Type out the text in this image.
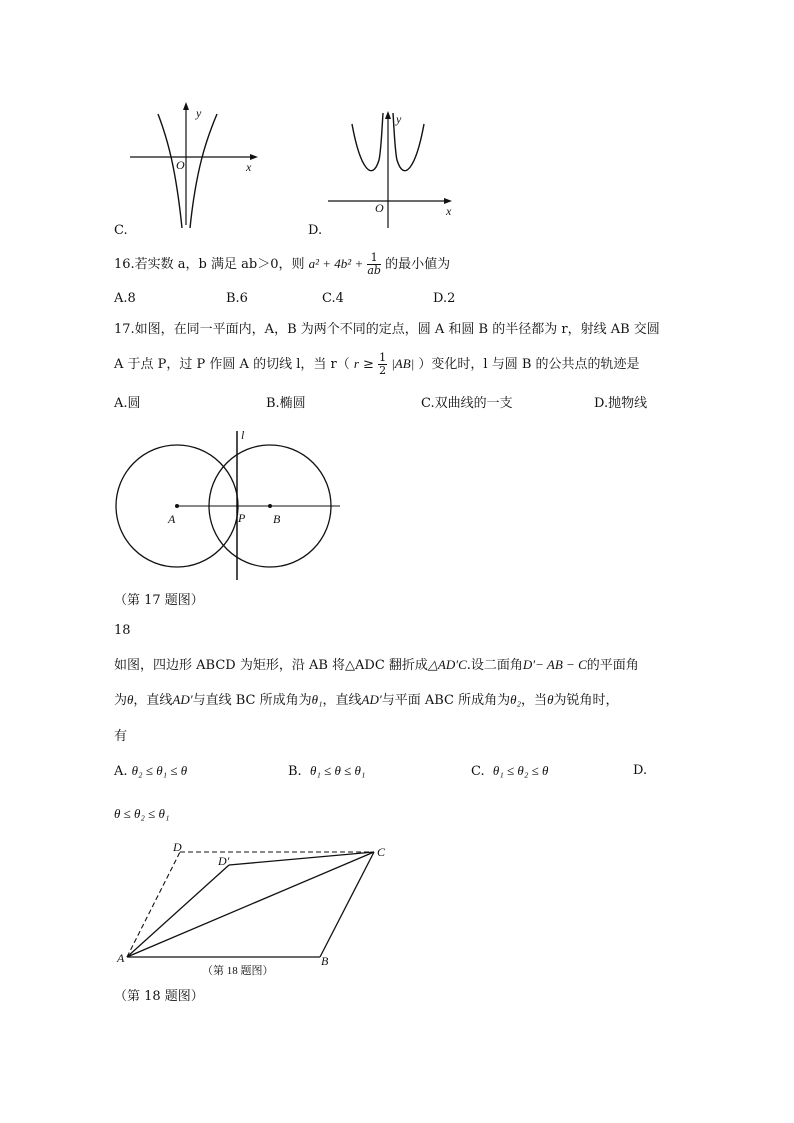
y
x
O
C.
y
x
O
D.
16.若实数 a，b 满足 ab＞0，则 $a^2 + 4b^2 + \frac{1}{ab}$ 的最小値为
A.8	B.6	C.4	D.2
17.如图，在同一平面内，A，B 为两个不同的定点，圆 A 和圆 B 的半径都为 r，射线 AB 交圆
A 于点 P，过 P 作圆 A 的切线 l，当 r（ $r \ge \frac{1}{2} |AB|$ ）变化时，l 与圆 B 的公共点的轨迹是
A.圆	B.椭圆	C.双曲线的一支	D.抛物线
l
A	P B
（第 17 题图）
18
如图，四边形 ABCD 为矩形，沿 AB 将△ADC 翻折成△AD′C.设二面角D′− AB − C的平面角
为θ，直线AD′与直线 BC 所成角为θ₁，直线AD′与平面 ABC 所成角为θ₂，当θ为锐角时，
有
A. θ₂ ≤ θ₁ ≤ θ	B. θ₁ ≤ θ ≤ θ₁	C. θ₁ ≤ θ₂ ≤ θ	D.
θ ≤ θ₂ ≤ θ₁
D
D′
C
A	B
（第 18 题图）
（第 18 题图）
